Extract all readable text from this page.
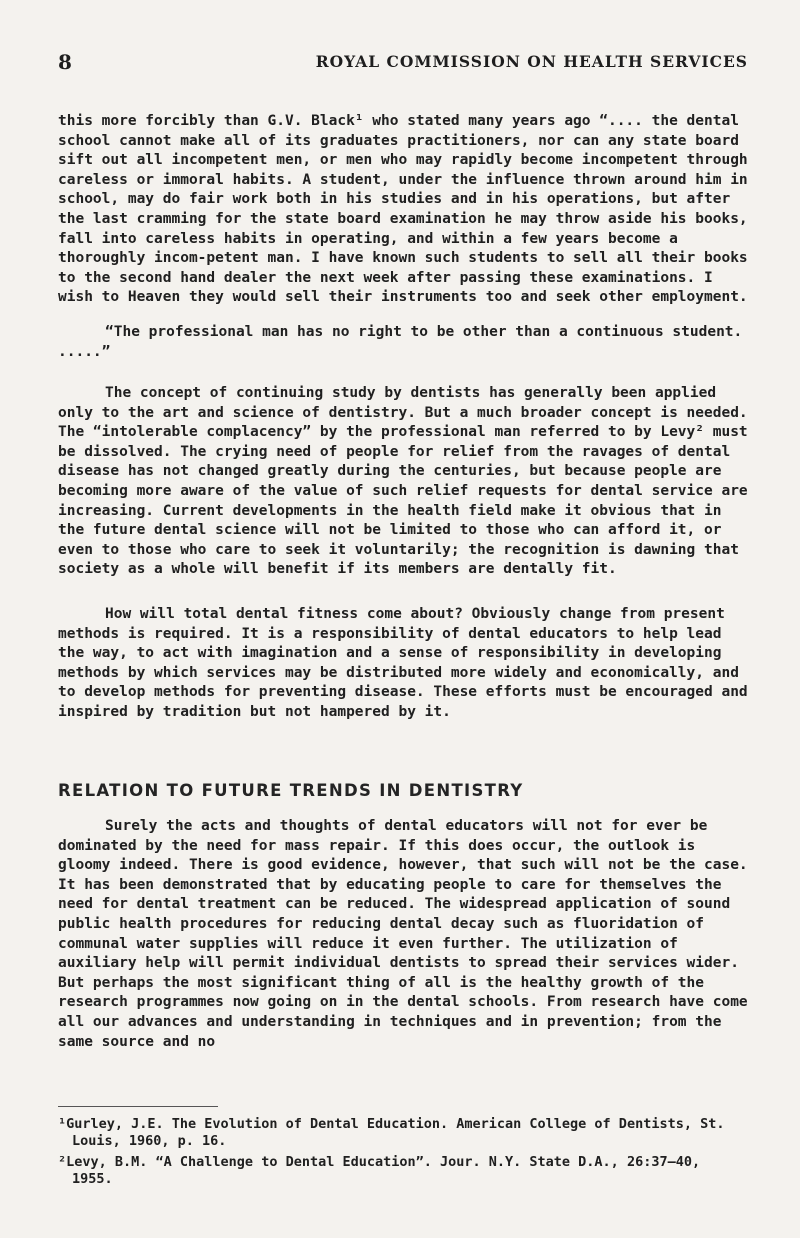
8	ROYAL COMMISSION ON HEALTH SERVICES

this more forcibly than G.V. Black¹ who stated many years ago “.... the dental school cannot make all of its graduates practitioners, nor can any state board sift out all incompetent men, or men who may rapidly become incompetent through careless or immoral habits. A student, under the influence thrown around him in school, may do fair work both in his studies and in his operations, but after the last cramming for the state board examination he may throw aside his books, fall into careless habits in operating, and within a few years become a thoroughly incom-petent man. I have known such students to sell all their books to the second hand dealer the next week after passing these examinations. I wish to Heaven they would sell their instruments too and seek other employment.

“The professional man has no right to be other than a continuous student. .....”

The concept of continuing study by dentists has generally been applied only to the art and science of dentistry. But a much broader concept is needed. The “intolerable complacency” by the professional man referred to by Levy² must be dissolved. The crying need of people for relief from the ravages of dental disease has not changed greatly during the centuries, but because people are becoming more aware of the value of such relief requests for dental service are increasing. Current developments in the health field make it obvious that in the future dental science will not be limited to those who can afford it, or even to those who care to seek it voluntarily; the recognition is dawning that society as a whole will benefit if its members are dentally fit.

How will total dental fitness come about? Obviously change from present methods is required. It is a responsibility of dental educators to help lead the way, to act with imagination and a sense of responsibility in developing methods by which services may be distributed more widely and economically, and to develop methods for preventing disease. These efforts must be encouraged and inspired by tradition but not hampered by it.

RELATION TO FUTURE TRENDS IN DENTISTRY

Surely the acts and thoughts of dental educators will not for ever be dominated by the need for mass repair. If this does occur, the outlook is gloomy indeed. There is good evidence, however, that such will not be the case. It has been demonstrated that by educating people to care for themselves the need for dental treatment can be reduced. The widespread application of sound public health procedures for reducing dental decay such as fluoridation of communal water supplies will reduce it even further. The utilization of auxiliary help will permit individual dentists to spread their services wider. But perhaps the most significant thing of all is the healthy growth of the research programmes now going on in the dental schools. From research have come all our advances and understanding in techniques and in prevention; from the same source and no

¹Gurley, J.E. The Evolution of Dental Education. American College of Dentists, St. Louis, 1960, p. 16.

²Levy, B.M. “A Challenge to Dental Education”. Jour. N.Y. State D.A., 26:37—40, 1955.
